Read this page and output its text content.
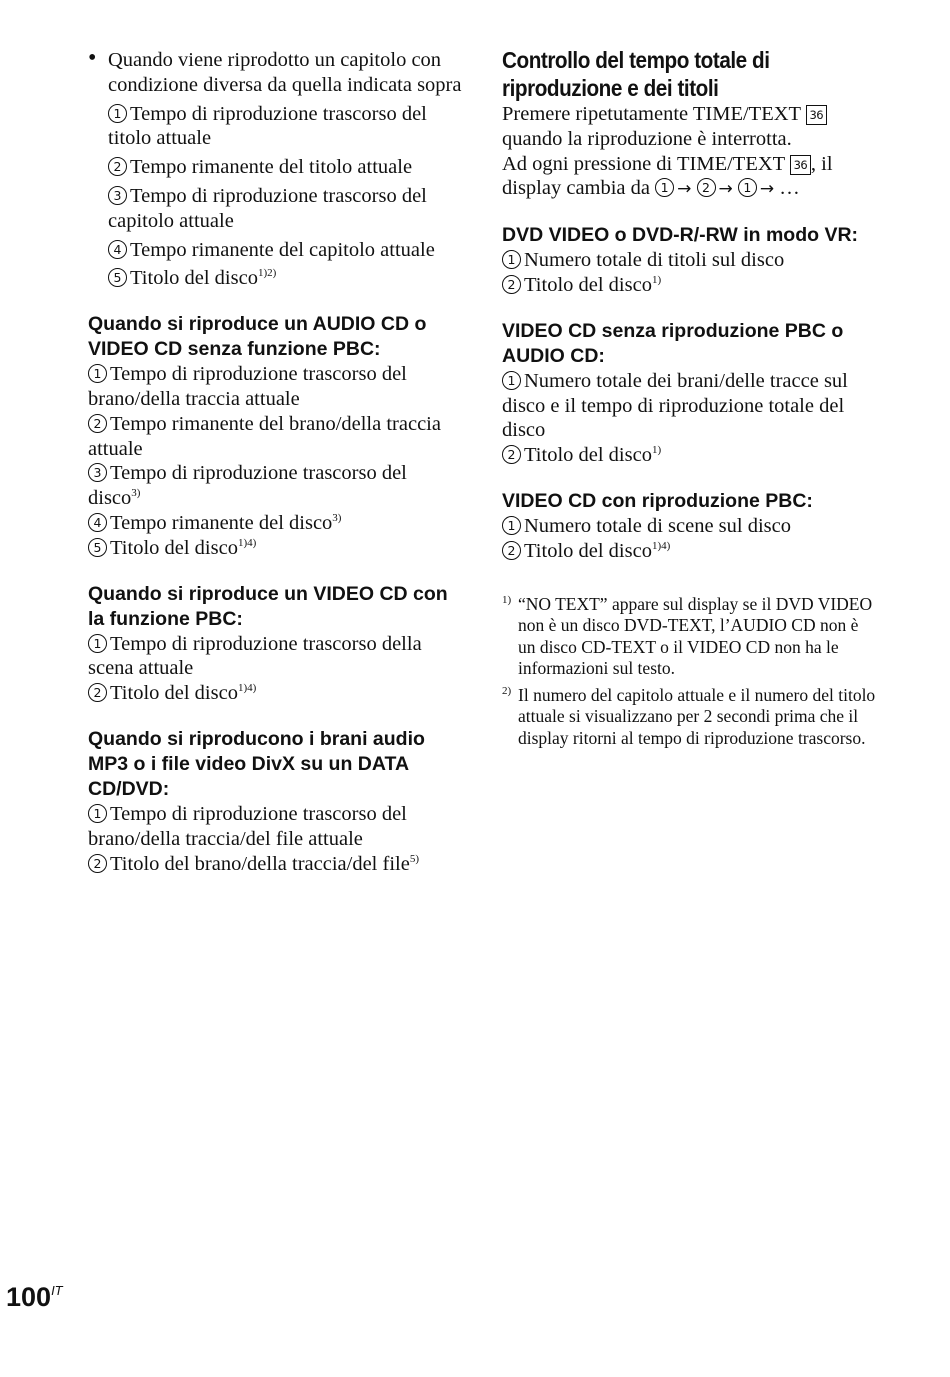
• Quando viene riprodotto un capitolo con condizione diversa da quella indicata sopra

1 Tempo di riproduzione trascorso del titolo attuale

2 Tempo rimanente del titolo attuale

3 Tempo di riproduzione trascorso del capitolo attuale

4 Tempo rimanente del capitolo attuale

5 Titolo del disco$^{1)2)}$

Quando si riproduce un AUDIO CD o VIDEO CD senza funzione PBC:

1 Tempo di riproduzione trascorso del brano/della traccia attuale

2 Tempo rimanente del brano/della traccia attuale

3 Tempo di riproduzione trascorso del disco$^{3)}$

4 Tempo rimanente del disco$^{3)}$

5 Titolo del disco$^{1)4)}$

Quando si riproduce un VIDEO CD con la funzione PBC:

1 Tempo di riproduzione trascorso della scena attuale

2 Titolo del disco$^{1)4)}$

Quando si riproducono i brani audio MP3 o i file video DivX su un DATA CD/DVD:

1 Tempo di riproduzione trascorso del brano/della traccia/del file attuale

2 Titolo del brano/della traccia/del file$^{5)}$

Controllo del tempo totale di riproduzione e dei titoli

Premere ripetutamente TIME/TEXT 36 quando la riproduzione è interrotta.
Ad ogni pressione di TIME/TEXT 36 , il display cambia da 1 → 2 → 1 → …

DVD VIDEO o DVD-R/-RW in modo VR:

1 Numero totale di titoli sul disco

2 Titolo del disco$^{1)}$

VIDEO CD senza riproduzione PBC o AUDIO CD:

1 Numero totale dei brani/delle tracce sul disco e il tempo di riproduzione totale del disco

2 Titolo del disco$^{1)}$

VIDEO CD con riproduzione PBC:

1 Numero totale di scene sul disco

2 Titolo del disco$^{1)4)}$

1) “NO TEXT” appare sul display se il DVD VIDEO non è un disco DVD-TEXT, l’AUDIO CD non è un disco CD-TEXT o il VIDEO CD non ha le informazioni sul testo.
2) Il numero del capitolo attuale e il numero del titolo attuale si visualizzano per 2 secondi prima che il display ritorni al tempo di riproduzione trascorso.
$100^{IT}$
